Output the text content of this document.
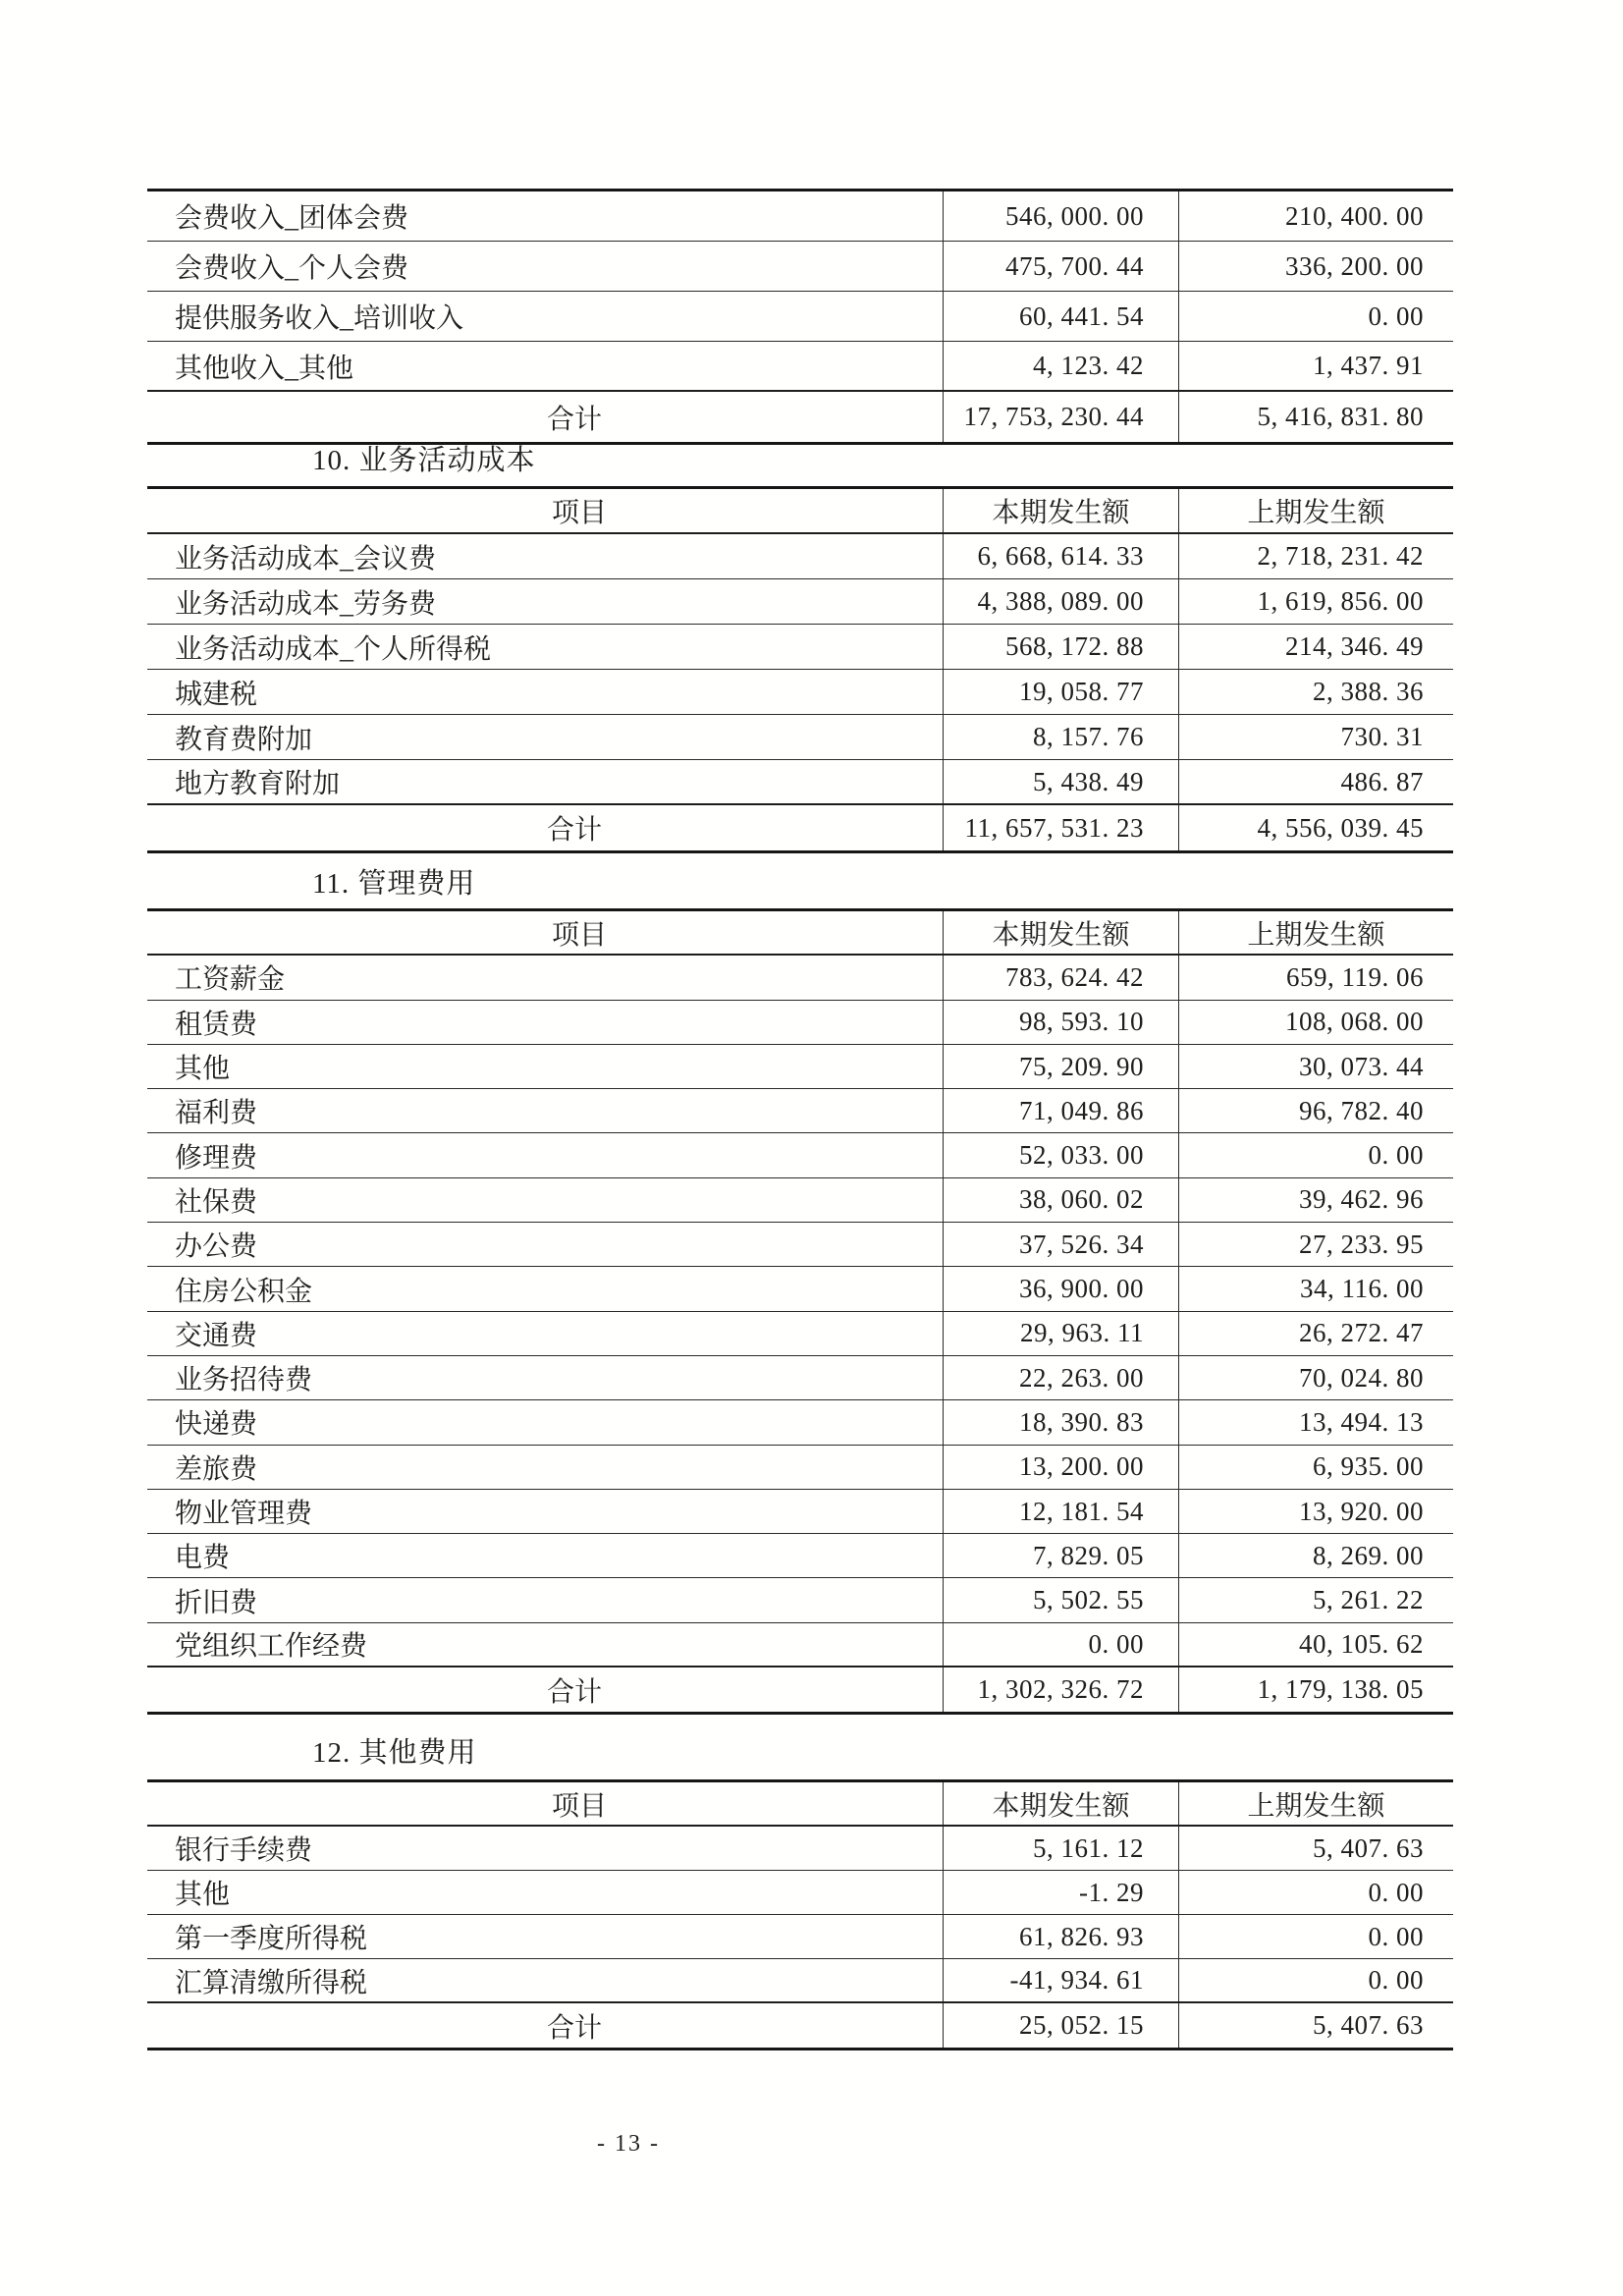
会费收入_团体会费	546, 000. 00	210, 400. 00
会费收入_个人会费	475, 700. 44	336, 200. 00
提供服务收入_培训收入	60, 441. 54	0. 00
其他收入_其他	4, 123. 42	1, 437. 91
合计	17, 753, 230. 44	5, 416, 831. 80
10. 业务活动成本
项目	本期发生额	上期发生额
业务活动成本_会议费	6, 668, 614. 33	2, 718, 231. 42
业务活动成本_劳务费	4, 388, 089. 00	1, 619, 856. 00
业务活动成本_个人所得税	568, 172. 88	214, 346. 49
城建税	19, 058. 77	2, 388. 36
教育费附加	8, 157. 76	730. 31
地方教育附加	5, 438. 49	486. 87
合计	11, 657, 531. 23	4, 556, 039. 45
11. 管理费用
项目	本期发生额	上期发生额
工资薪金	783, 624. 42	659, 119. 06
租赁费	98, 593. 10	108, 068. 00
其他	75, 209. 90	30, 073. 44
福利费	71, 049. 86	96, 782. 40
修理费	52, 033. 00	0. 00
社保费	38, 060. 02	39, 462. 96
办公费	37, 526. 34	27, 233. 95
住房公积金	36, 900. 00	34, 116. 00
交通费	29, 963. 11	26, 272. 47
业务招待费	22, 263. 00	70, 024. 80
快递费	18, 390. 83	13, 494. 13
差旅费	13, 200. 00	6, 935. 00
物业管理费	12, 181. 54	13, 920. 00
电费	7, 829. 05	8, 269. 00
折旧费	5, 502. 55	5, 261. 22
党组织工作经费	0. 00	40, 105. 62
合计	1, 302, 326. 72	1, 179, 138. 05
12. 其他费用
项目	本期发生额	上期发生额
银行手续费	5, 161. 12	5, 407. 63
其他	-1. 29	0. 00
第一季度所得税	61, 826. 93	0. 00
汇算清缴所得税	-41, 934. 61	0. 00
合计	25, 052. 15	5, 407. 63
- 13 -
